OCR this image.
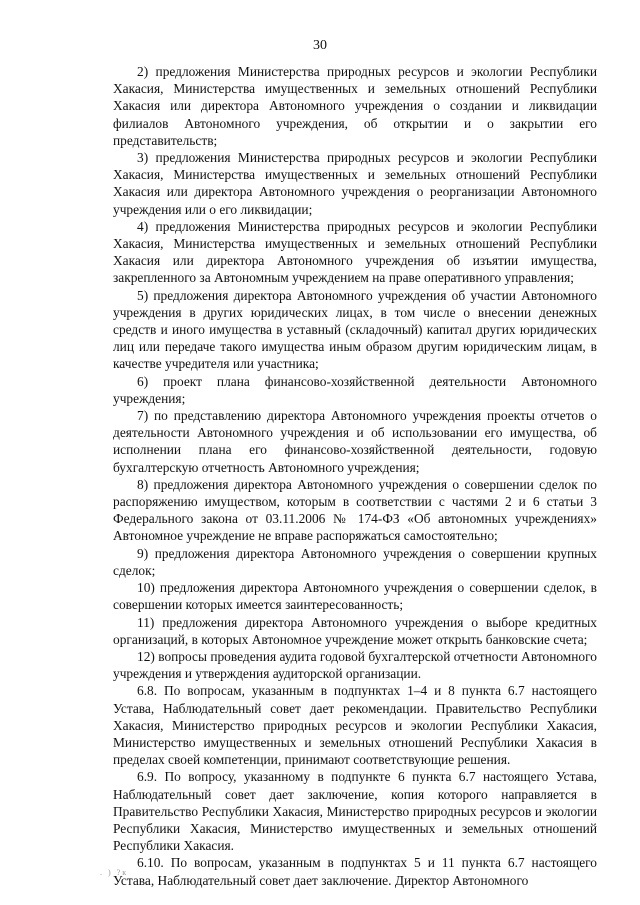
30

2) предложения Министерства природных ресурсов и экологии Республики Хакасия, Министерства имущественных и земельных отношений Республики Хакасия или директора Автономного учреждения о создании и ликвидации филиалов Автономного учреждения, об открытии и о закрытии его представительств;

3) предложения Министерства природных ресурсов и экологии Республики Хакасия, Министерства имущественных и земельных отношений Республики Хакасия или директора Автономного учреждения о реорганизации Автономного учреждения или о его ликвидации;

4) предложения Министерства природных ресурсов и экологии Республики Хакасия, Министерства имущественных и земельных отношений Республики Хакасия или директора Автономного учреждения об изъятии имущества, закрепленного за Автономным учреждением на праве оперативного управления;

5) предложения директора Автономного учреждения об участии Автономного учреждения в других юридических лицах, в том числе о внесении денежных средств и иного имущества в уставный (складочный) капитал других юридических лиц или передаче такого имущества иным образом другим юридическим лицам, в качестве учредителя или участника;

6) проект плана финансово-хозяйственной деятельности Автономного учреждения;

7) по представлению директора Автономного учреждения проекты отчетов о деятельности Автономного учреждения и об использовании его имущества, об исполнении плана его финансово-хозяйственной деятельности, годовую бухгалтерскую отчетность Автономного учреждения;

8) предложения директора Автономного учреждения о совершении сделок по распоряжению имуществом, которым в соответствии с частями 2 и 6 статьи 3 Федерального закона от 03.11.2006 № 174-ФЗ «Об автономных учреждениях» Автономное учреждение не вправе распоряжаться самостоятельно;

9) предложения директора Автономного учреждения о совершении крупных сделок;

10) предложения директора Автономного учреждения о совершении сделок, в совершении которых имеется заинтересованность;

11) предложения директора Автономного учреждения о выборе кредитных организаций, в которых Автономное учреждение может открыть банковские счета;

12) вопросы проведения аудита годовой бухгалтерской отчетности Автономного учреждения и утверждения аудиторской организации.

6.8. По вопросам, указанным в подпунктах 1–4 и 8 пункта 6.7 настоящего Устава, Наблюдательный совет дает рекомендации. Правительство Республики Хакасия, Министерство природных ресурсов и экологии Республики Хакасия, Министерство имущественных и земельных отношений Республики Хакасия в пределах своей компетенции, принимают соответствующие решения.

6.9. По вопросу, указанному в подпункте 6 пункта 6.7 настоящего Устава, Наблюдательный совет дает заключение, копия которого направляется в Правительство Республики Хакасия, Министерство природных ресурсов и экологии Республики Хакасия, Министерство имущественных и земельных отношений Республики Хакасия.

6.10. По вопросам, указанным в подпунктах 5 и 11 пункта 6.7 настоящего Устава, Наблюдательный совет дает заключение. Директор Автономного

. ) ?к
